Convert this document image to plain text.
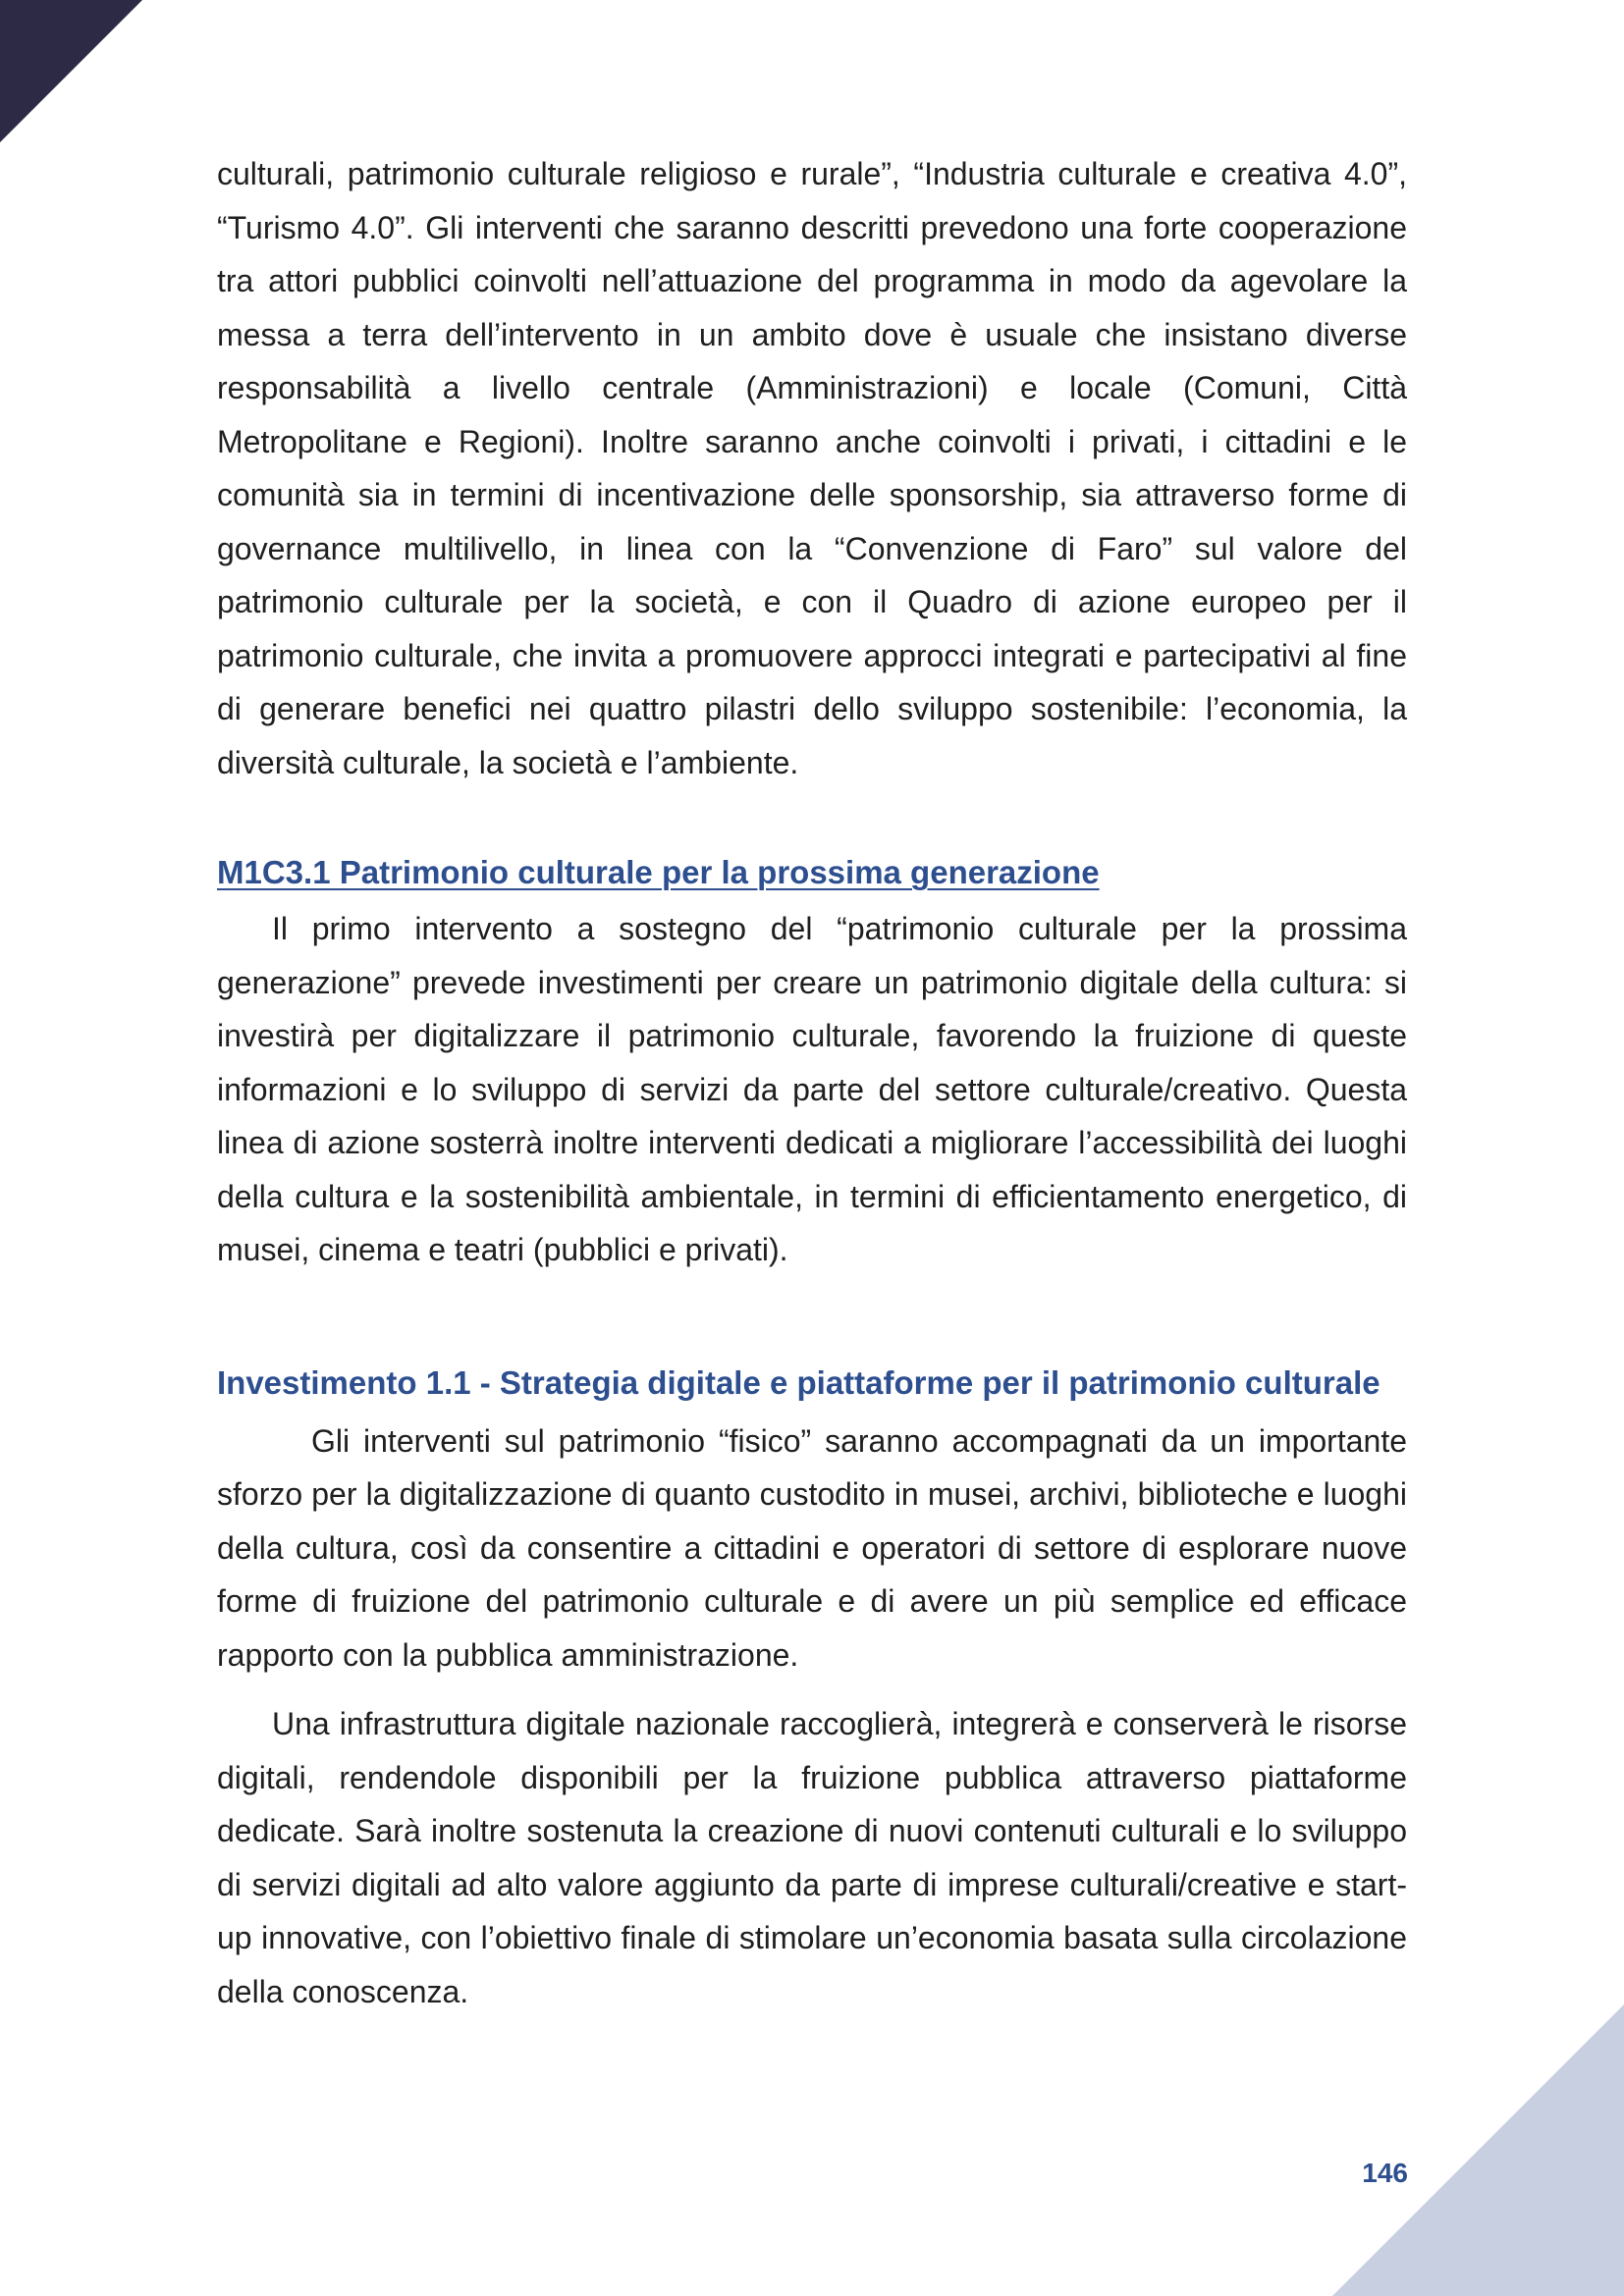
culturali, patrimonio culturale religioso e rurale”, “Industria culturale e creativa 4.0”, “Turismo 4.0”. Gli interventi che saranno descritti prevedono una forte cooperazione tra attori pubblici coinvolti nell’attuazione del programma in modo da agevolare la messa a terra dell’intervento in un ambito dove è usuale che insistano diverse responsabilità a livello centrale (Amministrazioni) e locale (Comuni, Città Metropolitane e Regioni). Inoltre saranno anche coinvolti i privati, i cittadini e le comunità sia in termini di incentivazione delle sponsorship, sia attraverso forme di governance multilivello, in linea con la “Convenzione di Faro” sul valore del patrimonio culturale per la società, e con il Quadro di azione europeo per il patrimonio culturale, che invita a promuovere approcci integrati e partecipativi al fine di generare benefici nei quattro pilastri dello sviluppo sostenibile: l’economia, la diversità culturale, la società e l’ambiente.

M1C3.1 Patrimonio culturale per la prossima generazione

Il primo intervento a sostegno del “patrimonio culturale per la prossima generazione” prevede investimenti per creare un patrimonio digitale della cultura: si investirà per digitalizzare il patrimonio culturale, favorendo la fruizione di queste informazioni e lo sviluppo di servizi da parte del settore culturale/creativo. Questa linea di azione sosterrà inoltre interventi dedicati a migliorare l’accessibilità dei luoghi della cultura e la sostenibilità ambientale, in termini di efficientamento energetico, di musei, cinema e teatri (pubblici e privati).

Investimento 1.1 - Strategia digitale e piattaforme per il patrimonio culturale

Gli interventi sul patrimonio “fisico” saranno accompagnati da un importante sforzo per la digitalizzazione di quanto custodito in musei, archivi, biblioteche e luoghi della cultura, così da consentire a cittadini e operatori di settore di esplorare nuove forme di fruizione del patrimonio culturale e di avere un più semplice ed efficace rapporto con la pubblica amministrazione.

Una infrastruttura digitale nazionale raccoglierà, integrerà e conserverà le risorse digitali, rendendole disponibili per la fruizione pubblica attraverso piattaforme dedicate. Sarà inoltre sostenuta la creazione di nuovi contenuti culturali e lo sviluppo di servizi digitali ad alto valore aggiunto da parte di imprese culturali/creative e start-up innovative, con l’obiettivo finale di stimolare un’economia basata sulla circolazione della conoscenza.

146
